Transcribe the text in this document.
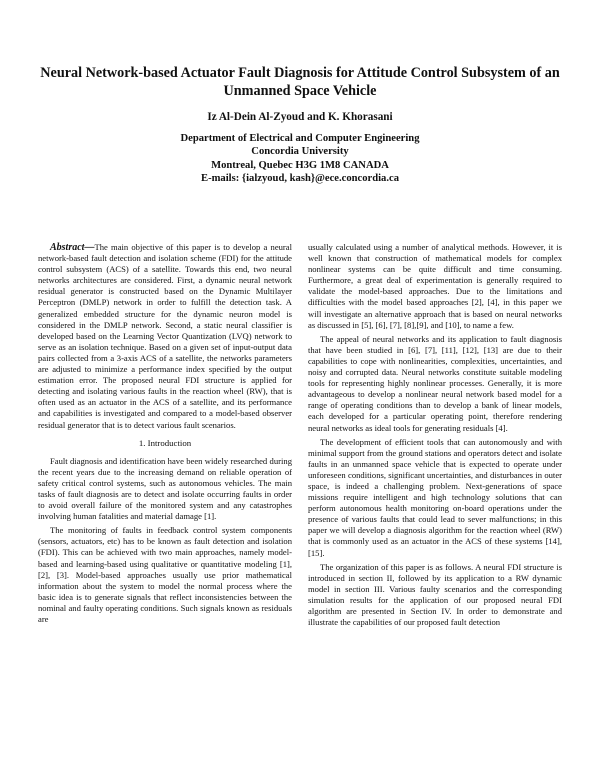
Neural Network-based Actuator Fault Diagnosis for Attitude Control Subsystem of an Unmanned Space Vehicle
Iz Al-Dein Al-Zyoud and K. Khorasani
Department of Electrical and Computer Engineering
Concordia University
Montreal, Quebec H3G 1M8 CANADA
E-mails: {ialzyoud, kash}@ece.concordia.ca

Abstract—The main objective of this paper is to develop a neural network-based fault detection and isolation scheme (FDI) for the attitude control subsystem (ACS) of a satellite. Towards this end, two neural networks architectures are considered. First, a dynamic neural network residual generator is constructed based on the Dynamic Multilayer Perceptron (DMLP) network in order to fulfill the detection task. A generalized embedded structure for the dynamic neuron model is considered in the DMLP network. Second, a static neural classifier is developed based on the Learning Vector Quantization (LVQ) network to serve as an isolation technique. Based on a given set of input-output data pairs collected from a 3-axis ACS of a satellite, the networks parameters are adjusted to minimize a performance index specified by the output estimation error. The proposed neural FDI structure is applied for detecting and isolating various faults in the reaction wheel (RW), that is often used as an actuator in the ACS of a satellite, and its performance and capabilities is investigated and compared to a model-based observer residual generator that is to detect various fault scenarios.

1. Introduction

Fault diagnosis and identification have been widely researched during the recent years due to the increasing demand on reliable operation of safety critical control systems, such as autonomous vehicles. The main tasks of fault diagnosis are to detect and isolate occurring faults in order to avoid overall failure of the monitored system and any catastrophes involving human fatalities and material damage [1].

The monitoring of faults in feedback control system components (sensors, actuators, etc) has to be known as fault detection and isolation (FDI). This can be achieved with two main approaches, namely model-based and learning-based using qualitative or quantitative modeling [1], [2], [3]. Model-based approaches usually use prior mathematical information about the system to model the normal process where the basic idea is to generate signals that reflect inconsistencies between the nominal and faulty operating conditions. Such signals known as residuals are

usually calculated using a number of analytical methods. However, it is well known that construction of mathematical models for complex nonlinear systems can be quite difficult and time consuming. Furthermore, a great deal of experimentation is generally required to validate the model-based approaches. Due to the limitations and difficulties with the model based approaches [2], [4], in this paper we will investigate an alternative approach that is based on neural networks as discussed in [5], [6], [7], [8],[9], and [10], to name a few.

The appeal of neural networks and its application to fault diagnosis that have been studied in [6], [7], [11], [12], [13] are due to their capabilities to cope with nonlinearities, complexities, uncertainties, and noisy and corrupted data. Neural networks constitute suitable modeling tools for representing highly nonlinear processes. Generally, it is more advantageous to develop a nonlinear neural network based model for a range of operating conditions than to develop a bank of linear models, each developed for a particular operating point, therefore rendering neural networks as ideal tools for generating residuals [4].

The development of efficient tools that can autonomously and with minimal support from the ground stations and operators detect and isolate faults in an unmanned space vehicle that is expected to operate under unforeseen conditions, significant uncertainties, and disturbances in outer space, is indeed a challenging problem. Next-generations of space missions require intelligent and high technology solutions that can perform autonomous health monitoring on-board operations under the presence of various faults that could lead to sever malfunctions; in this paper we will develop a diagnosis algorithm for the reaction wheel (RW) that is commonly used as an actuator in the ACS of these systems [14], [15].

The organization of this paper is as follows. A neural FDI structure is introduced in section II, followed by its application to a RW dynamic model in section III. Various faulty scenarios and the corresponding simulation results for the application of our proposed neural FDI algorithm are presented in Section IV. In order to demonstrate and illustrate the capabilities of our proposed fault detection
